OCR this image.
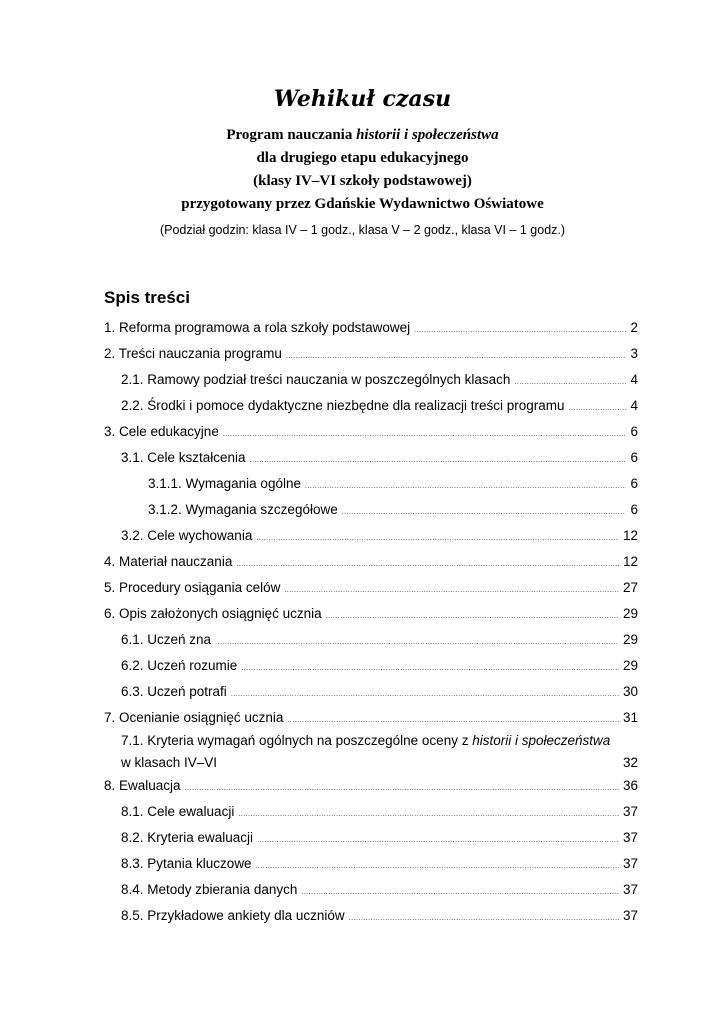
Wehikuł czasu
Program nauczania historii i społeczeństwa
dla drugiego etapu edukacyjnego
(klasy IV–VI szkoły podstawowej)
przygotowany przez Gdańskie Wydawnictwo Oświatowe
(Podział godzin: klasa IV – 1 godz., klasa V – 2 godz., klasa VI – 1 godz.)
Spis treści
1. Reforma programowa a rola szkoły podstawowej .....	2
2. Treści nauczania programu .....	3
2.1. Ramowy podział treści nauczania w poszczególnych klasach .....	4
2.2. Środki i pomoce dydaktyczne niezbędne dla realizacji treści programu .....	4
3. Cele edukacyjne .....	6
3.1. Cele kształcenia .....	6
3.1.1. Wymagania ogólne .....	6
3.1.2. Wymagania szczegółowe .....	6
3.2. Cele wychowania .....	12
4. Materiał nauczania .....	12
5. Procedury osiągania celów .....	27
6. Opis założonych osiągnięć ucznia .....	29
6.1. Uczeń zna .....	29
6.2. Uczeń rozumie .....	29
6.3. Uczeń potrafi .....	30
7. Ocenianie osiągnięć ucznia .....	31
7.1. Kryteria wymagań ogólnych na poszczególne oceny z historii i społeczeństwa
w klasach IV–VI	32
8. Ewaluacja .....	36
8.1. Cele ewaluacji .....	37
8.2. Kryteria ewaluacji .....	37
8.3. Pytania kluczowe .....	37
8.4. Metody zbierania danych .....	37
8.5. Przykładowe ankiety dla uczniów .....	37
